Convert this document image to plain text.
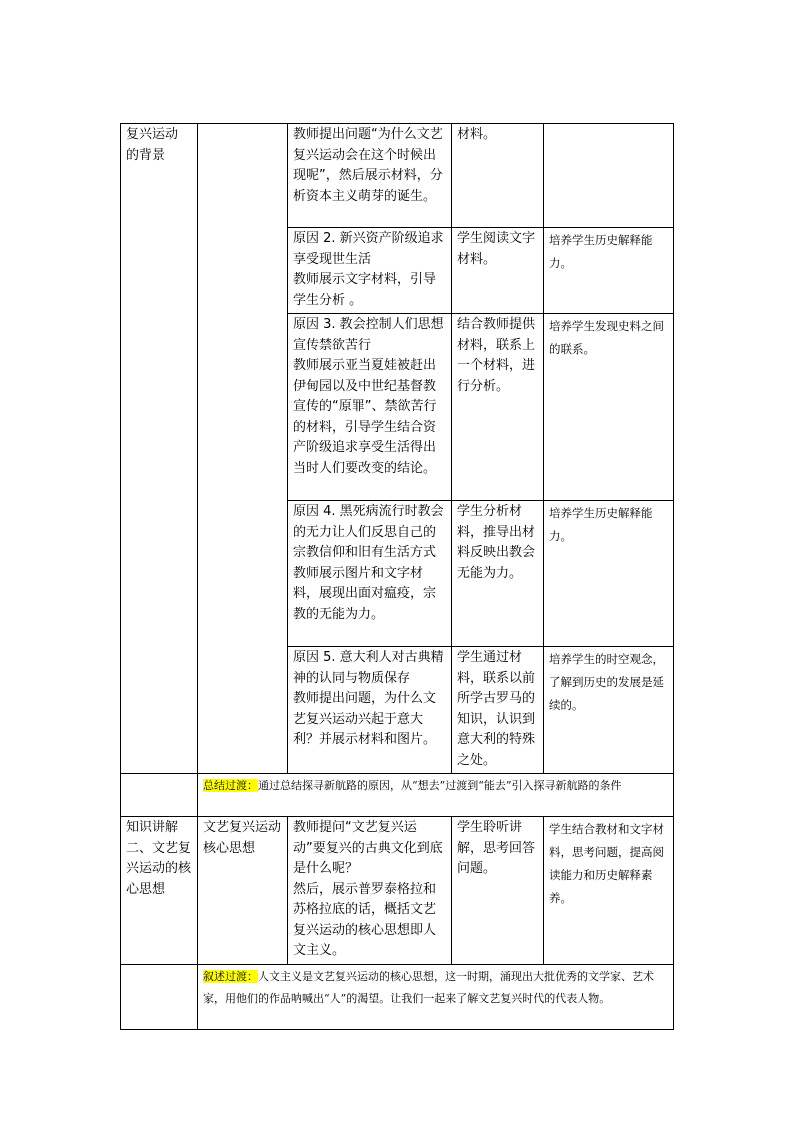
复兴运动
的背景		教师提出问题“为什么文艺复兴运动会在这个时候出现呢”，然后展示材料，分析资本主义萌芽的诞生。	材料。	
		原因 2. 新兴资产阶级追求享受现世生活
教师展示文字材料，引导学生分析 。	学生阅读文字材料。	培养学生历史解释能力。
		原因 3. 教会控制人们思想宣传禁欲苦行
教师展示亚当夏娃被赶出伊甸园以及中世纪基督教宣传的“原罪”、禁欲苦行的材料，引导学生结合资产阶级追求享受生活得出当时人们要改变的结论。	结合教师提供材料，联系上一个材料，进行分析。	培养学生发现史料之间的联系。
		原因 4. 黑死病流行时教会的无力让人们反思自己的宗教信仰和旧有生活方式
教师展示图片和文字材料，展现出面对瘟疫，宗教的无能为力。	学生分析材料，推导出材料反映出教会无能为力。	培养学生历史解释能力。
		原因 5. 意大利人对古典精神的认同与物质保存
教师提出问题，为什么文艺复兴运动兴起于意大利？并展示材料和图片。	学生通过材料，联系以前所学古罗马的知识，认识到意大利的特殊之处。	培养学生的时空观念，了解到历史的发展是延续的。
	总结过渡：通过总结探寻新航路的原因，从“想去”过渡到“能去”引入探寻新航路的条件			
知识讲解二、文艺复兴运动的核心思想	文艺复兴运动核心思想	教师提问“文艺复兴运动”要复兴的古典文化到底是什么呢？
然后，展示普罗泰格拉和苏格拉底的话，概括文艺复兴运动的核心思想即人文主义。	学生聆听讲解，思考回答问题。	学生结合教材和文字材料，思考问题，提高阅读能力和历史解释素养。
	叙述过渡：人文主义是文艺复兴运动的核心思想，这一时期，涌现出大批优秀的文学家、艺术家，用他们的作品呐喊出“人”的渴望。让我们一起来了解文艺复兴时代的代表人物。			
